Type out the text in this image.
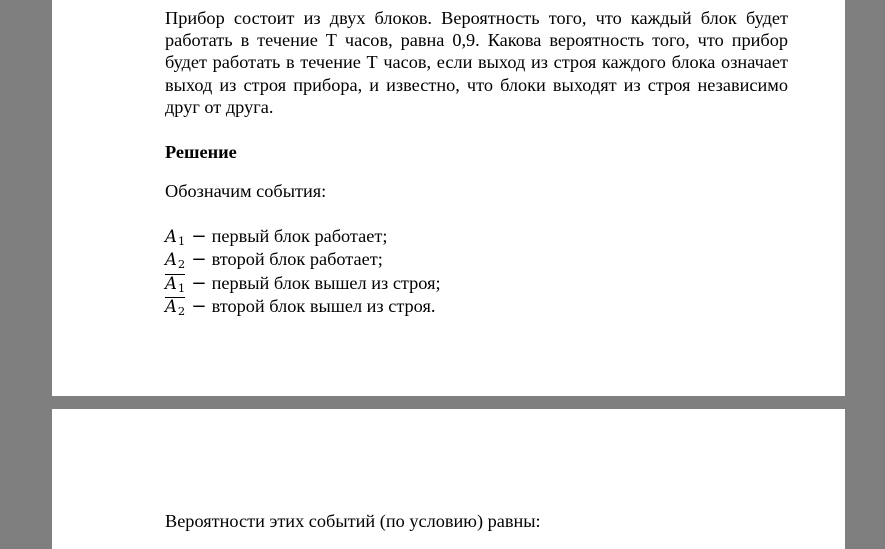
Прибор состоит из двух блоков. Вероятность того, что каждый блок будет
работать в течение Т часов, равна 0,9. Какова вероятность того, что прибор
будет работать в течение Т часов, если выход из строя каждого блока означает
выход из строя прибора, и известно, что блоки выходят из строя независимо
друг от друга.
Решение
Обозначим события:
$A_1$ − первый блок работает;
$A_2$ − второй блок работает;
$A_1$ − первый блок вышел из строя;
$A_2$ − второй блок вышел из строя.
Вероятности этих событий (по условию) равны:
